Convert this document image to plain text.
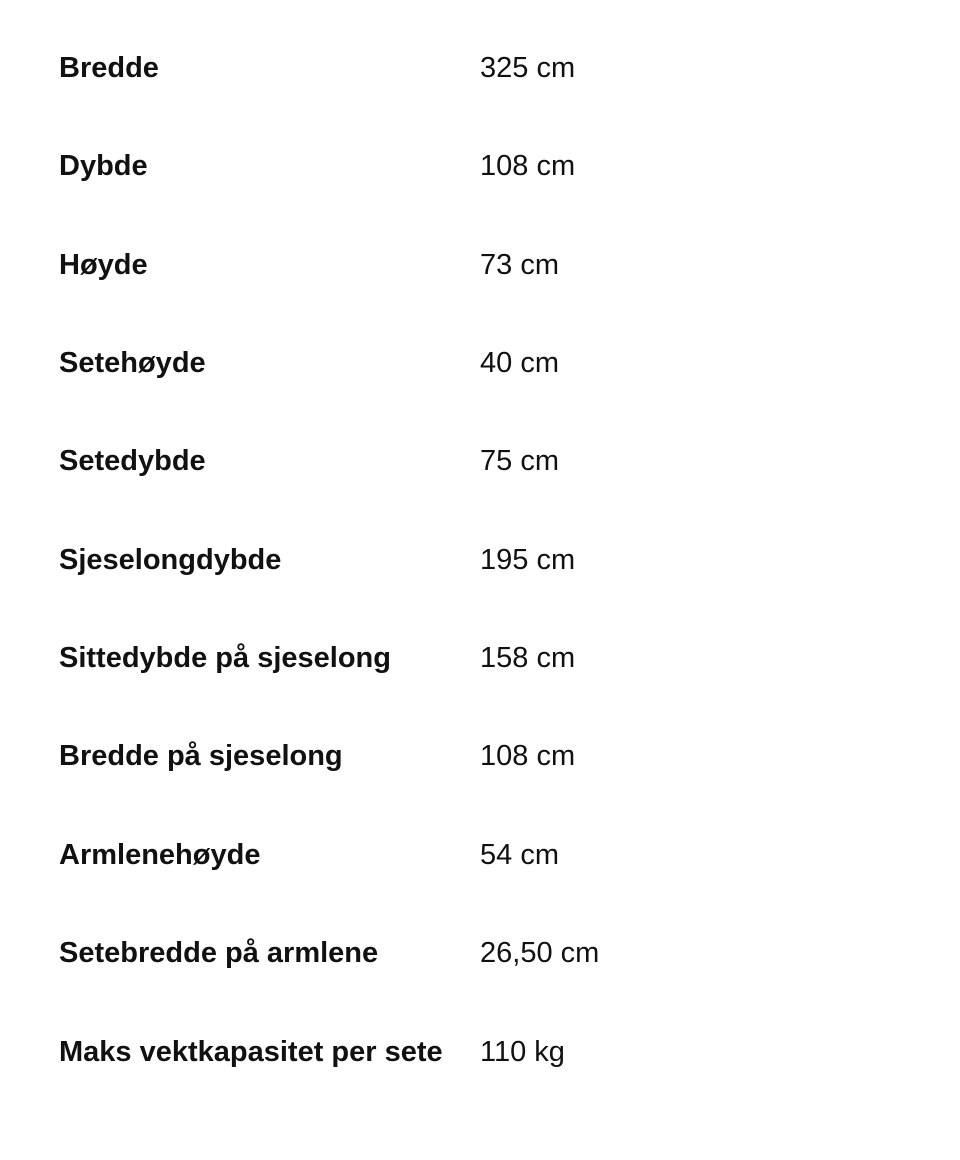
Bredde	325 cm
Dybde	108 cm
Høyde	73 cm
Setehøyde	40 cm
Setedybde	75 cm
Sjeselongdybde	195 cm
Sittedybde på sjeselong	158 cm
Bredde på sjeselong	108 cm
Armlenehøyde	54 cm
Setebredde på armlene	26,50 cm
Maks vektkapasitet per sete 110 kg
